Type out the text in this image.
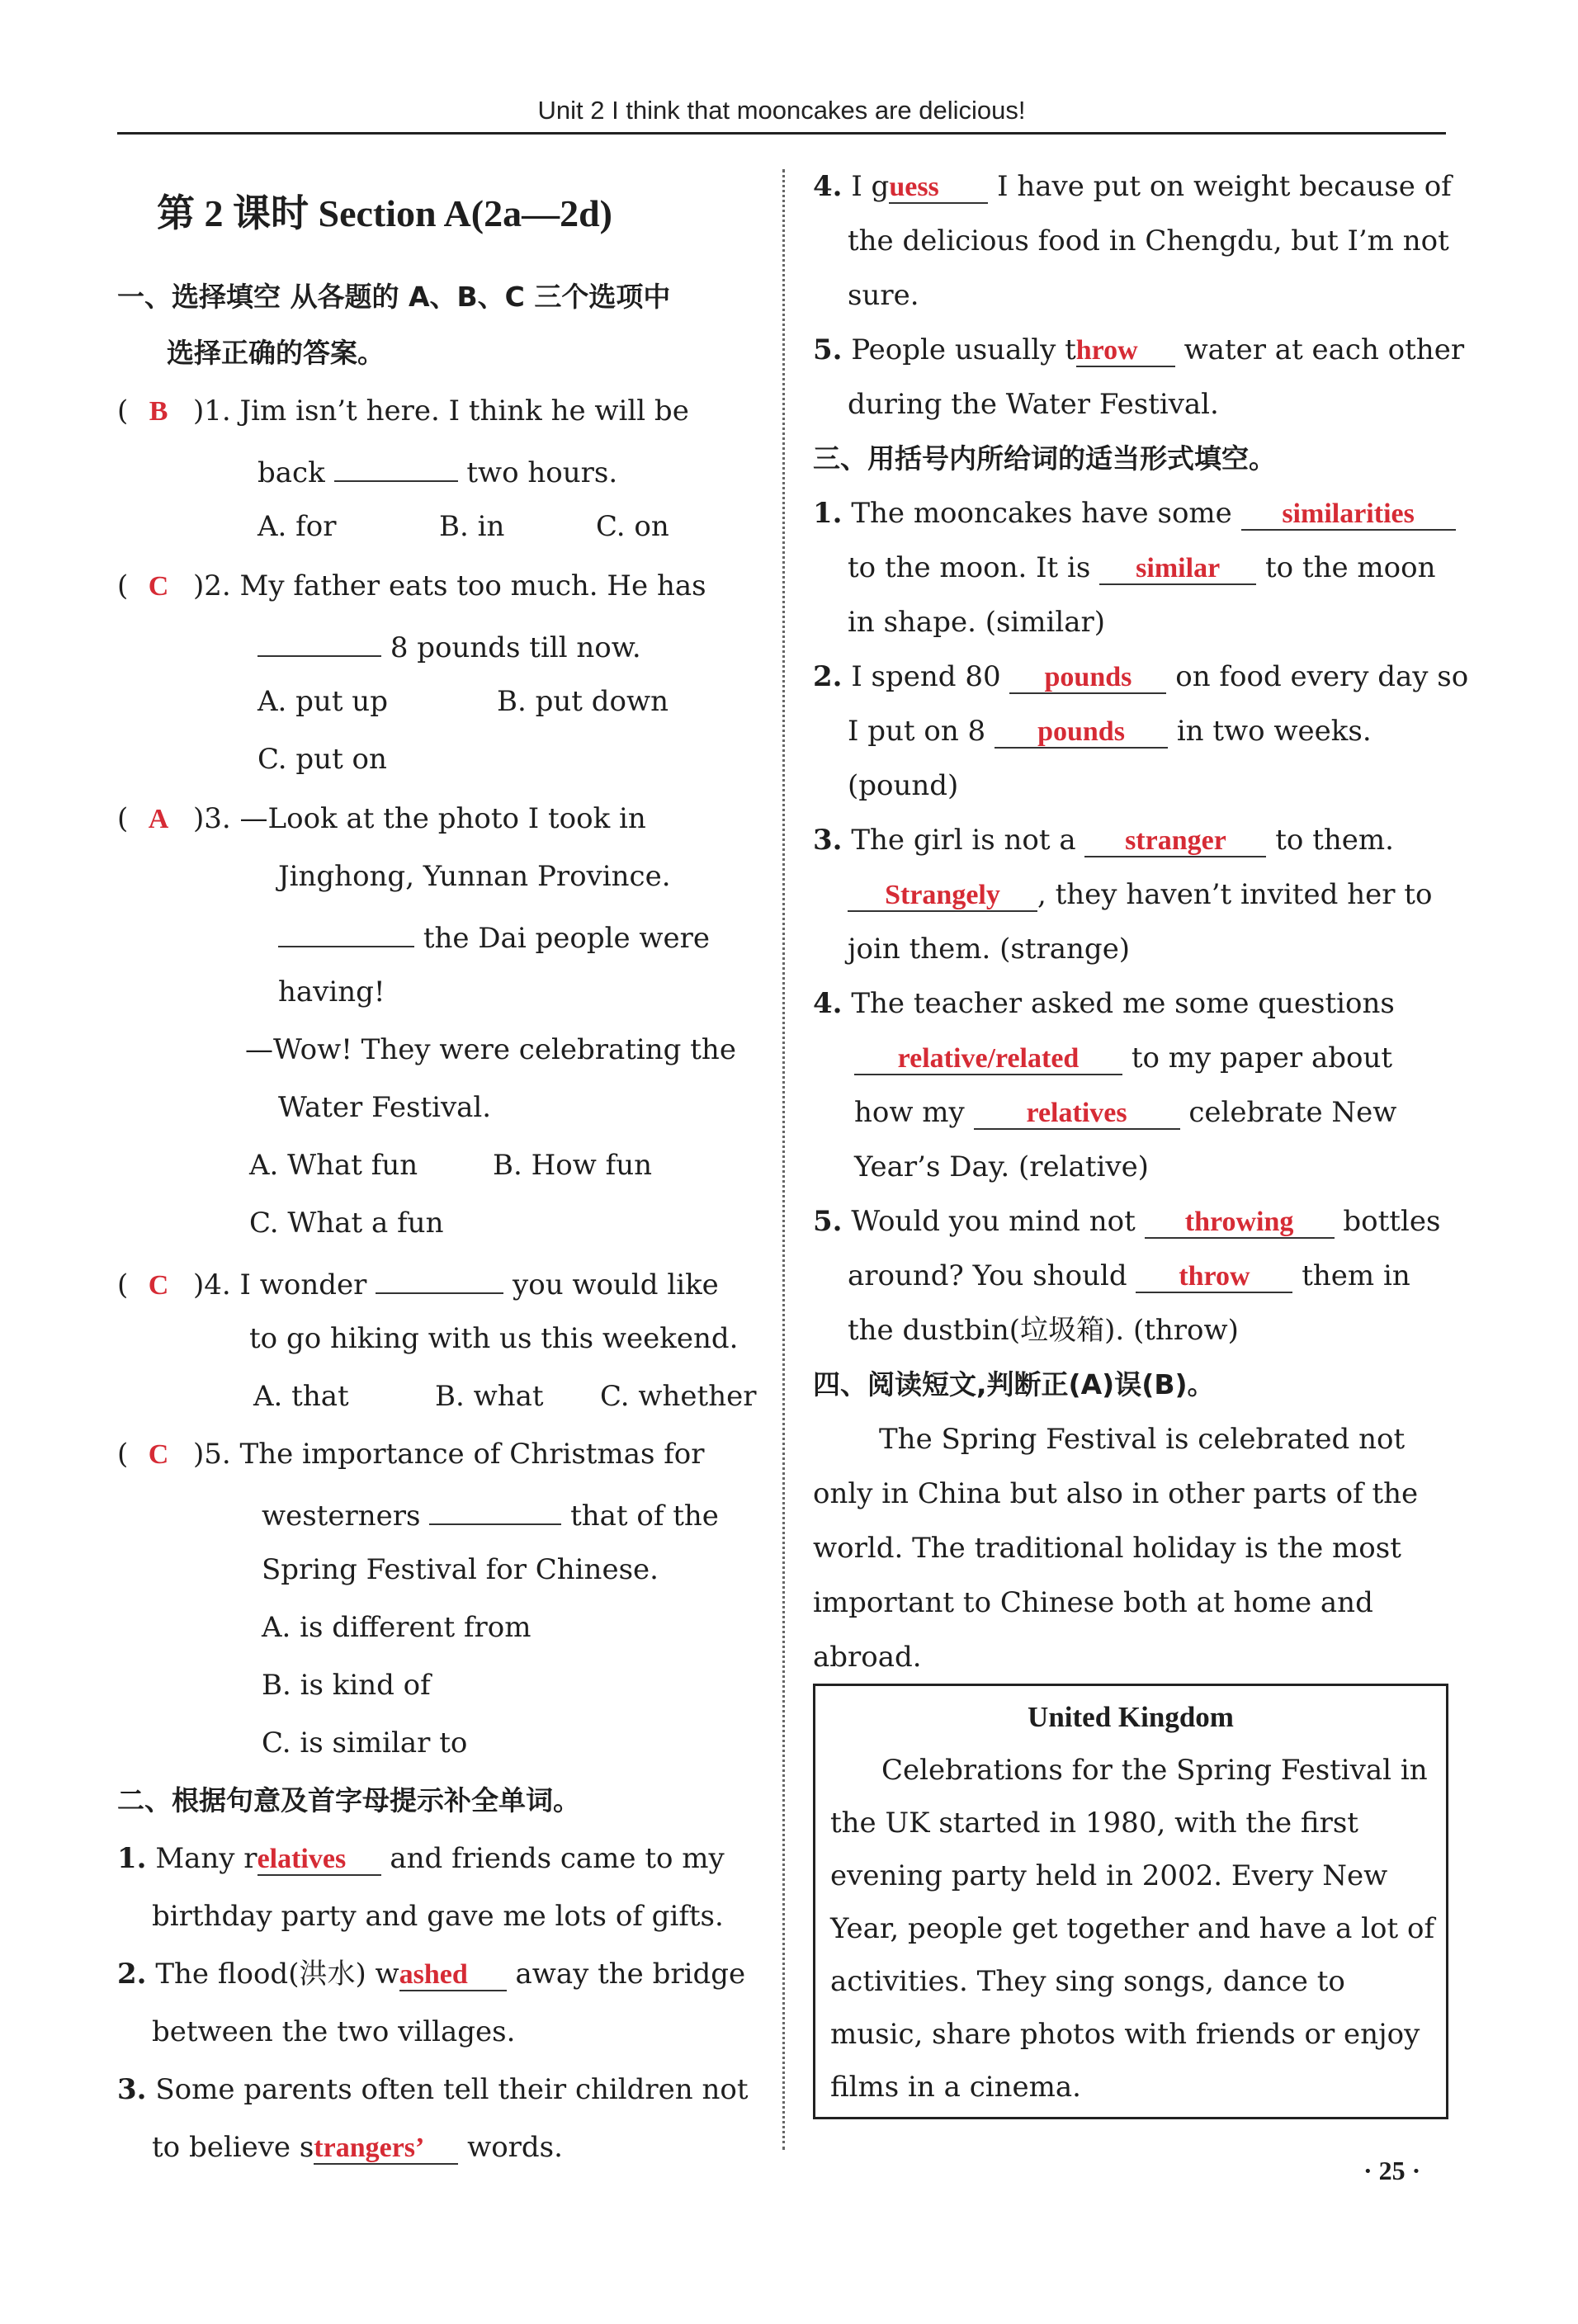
Unit 2 I think that mooncakes are delicious!
第 2 课时 Section A(2a—2d)
一、选择填空 从各题的 A、B、C 三个选项中
选择正确的答案。
( B )1. Jim isn’t here. I think he will be
back	two hours.
A. for	B. in	C. on
( C )2. My father eats too much. He has
8 pounds till now.
A. put up	B. put down
C. put on
( A )3. —Look at the photo I took in
Jinghong, Yunnan Province.
the Dai people were
having!
—Wow! They were celebrating the
Water Festival.
A. What fun	B. How fun
C. What a fun
( C )4. I wonder	you would like
to go hiking with us this weekend.
A. that	B. what C. whether
( C )5. The importance of Christmas for
westerners	that of the
Spring Festival for Chinese.
A. is different from
B. is kind of
C. is similar to
二、根据句意及首字母提示补全单词。
1. Many relatives and friends came to my
birthday party and gave me lots of gifts.
2. The flood(洪水) washed away the bridge
between the two villages.
3. Some parents often tell their children not
to believe strangers’ words.
4. I guess I have put on weight because of
the delicious food in Chengdu, but I’m not
sure.
5. People usually throw water at each other
during the Water Festival.
三、用括号内所给词的适当形式填空。
1. The mooncakes have some similarities
to the moon. It is similar to the moon
in shape. (similar)
2. I spend 80 pounds on food every day so
I put on 8 pounds in two weeks.
(pound)
3. The girl is not a stranger to them.
Strangely , they haven’t invited her to
join them. (strange)
4. The teacher asked me some questions
relative/related to my paper about
how my relatives celebrate New
Year’s Day. (relative)
5. Would you mind not throwing bottles
around? You should throw them in
the dustbin(垃圾箱). (throw)
四、阅读短文,判断正(A)误(B)。
The Spring Festival is celebrated not
only in China but also in other parts of the
world. The traditional holiday is the most
important to Chinese both at home and
abroad.
United Kingdom
Celebrations for the Spring Festival in
the UK started in 1980, with the first
evening party held in 2002. Every New
Year, people get together and have a lot of
activities. They sing songs, dance to
music, share photos with friends or enjoy
films in a cinema.
· 25 ·
